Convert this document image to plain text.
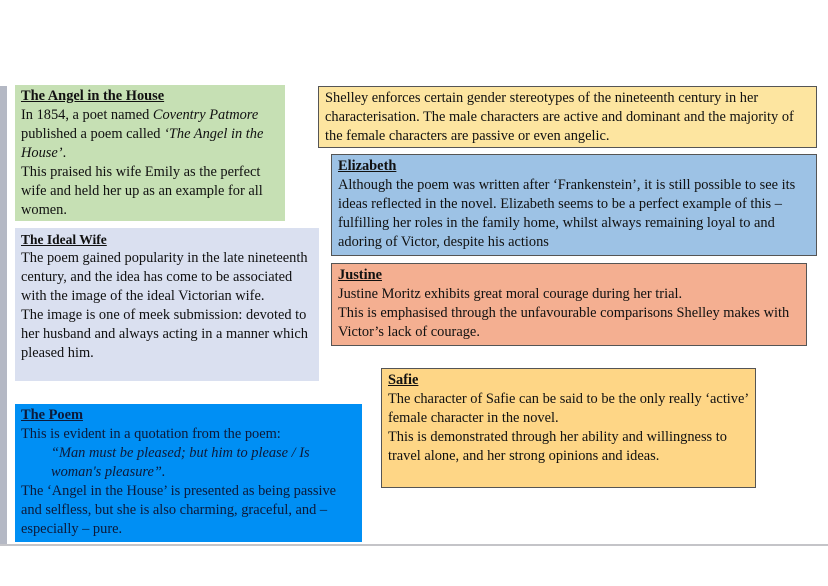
The Angel in the House

In 1854, a poet named Coventry Patmore published a poem called ‘The Angel in the House’.

This praised his wife Emily as the perfect wife and held her up as an example for all women.

The Ideal Wife

The poem gained popularity in the late nineteenth century, and the idea has come to be associated with the image of the ideal Victorian wife.

The image is one of meek submission: devoted to her husband and always acting in a manner which pleased him.

The Poem

This is evident in a quotation from the poem:

“Man must be pleased; but him to please / Is woman's pleasure”.

The ‘Angel in the House’ is presented as being passive and selfless, but she is also charming, graceful, and – especially – pure.

Shelley enforces certain gender stereotypes of the nineteenth century in her characterisation. The male characters are active and dominant and the majority of the female characters are passive or even angelic.

Elizabeth

Although the poem was written after ‘Frankenstein’, it is still possible to see its ideas reflected in the novel. Elizabeth seems to be a perfect example of this – fulfilling her roles in the family home, whilst always remaining loyal to and adoring of Victor, despite his actions

Justine

Justine Moritz exhibits great moral courage during her trial.

This is emphasised through the unfavourable comparisons Shelley makes with Victor’s lack of courage.

Safie

The character of Safie can be said to be the only really ‘active’ female character in the novel.

This is demonstrated through her ability and willingness to travel alone, and her strong opinions and ideas.
